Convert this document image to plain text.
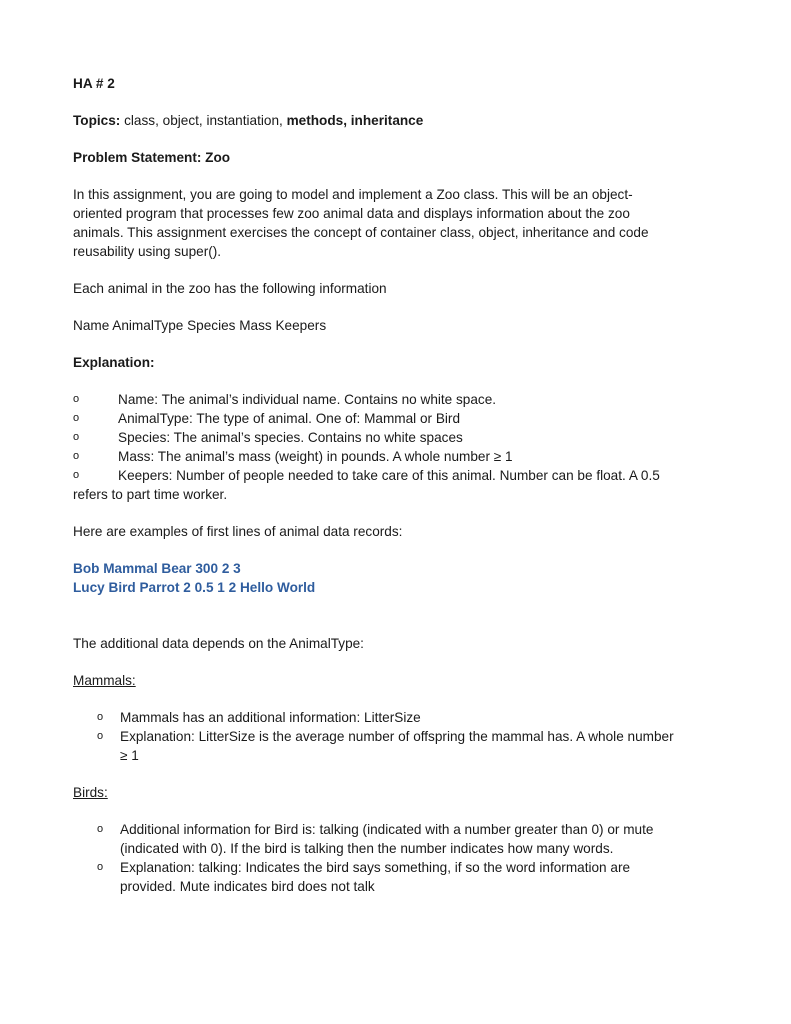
HA # 2
Topics: class, object, instantiation, methods, inheritance
Problem Statement: Zoo
In this assignment, you are going to model and implement a Zoo class. This will be an object-
oriented program that processes few zoo animal data and displays information about the zoo
animals. This assignment exercises the concept of container class, object, inheritance and code
reusability using super().
Each animal in the zoo has the following information
Name AnimalType Species Mass Keepers
Explanation:
o	Name: The animal’s individual name. Contains no white space.
o	AnimalType: The type of animal. One of: Mammal or Bird
o	Species: The animal’s species. Contains no white spaces
o	Mass: The animal’s mass (weight) in pounds. A whole number ≥ 1
o	Keepers: Number of people needed to take care of this animal. Number can be float. A 0.5
refers to part time worker.
Here are examples of first lines of animal data records:
Bob Mammal Bear 300 2 3
Lucy Bird Parrot 2 0.5 1 2 Hello World
The additional data depends on the AnimalType:
Mammals:
o Mammals has an additional information: LitterSize
o Explanation: LitterSize is the average number of offspring the mammal has. A whole number
≥ 1
Birds:
o Additional information for Bird is: talking (indicated with a number greater than 0) or mute
(indicated with 0). If the bird is talking then the number indicates how many words.
o Explanation: talking: Indicates the bird says something, if so the word information are
provided. Mute indicates bird does not talk
